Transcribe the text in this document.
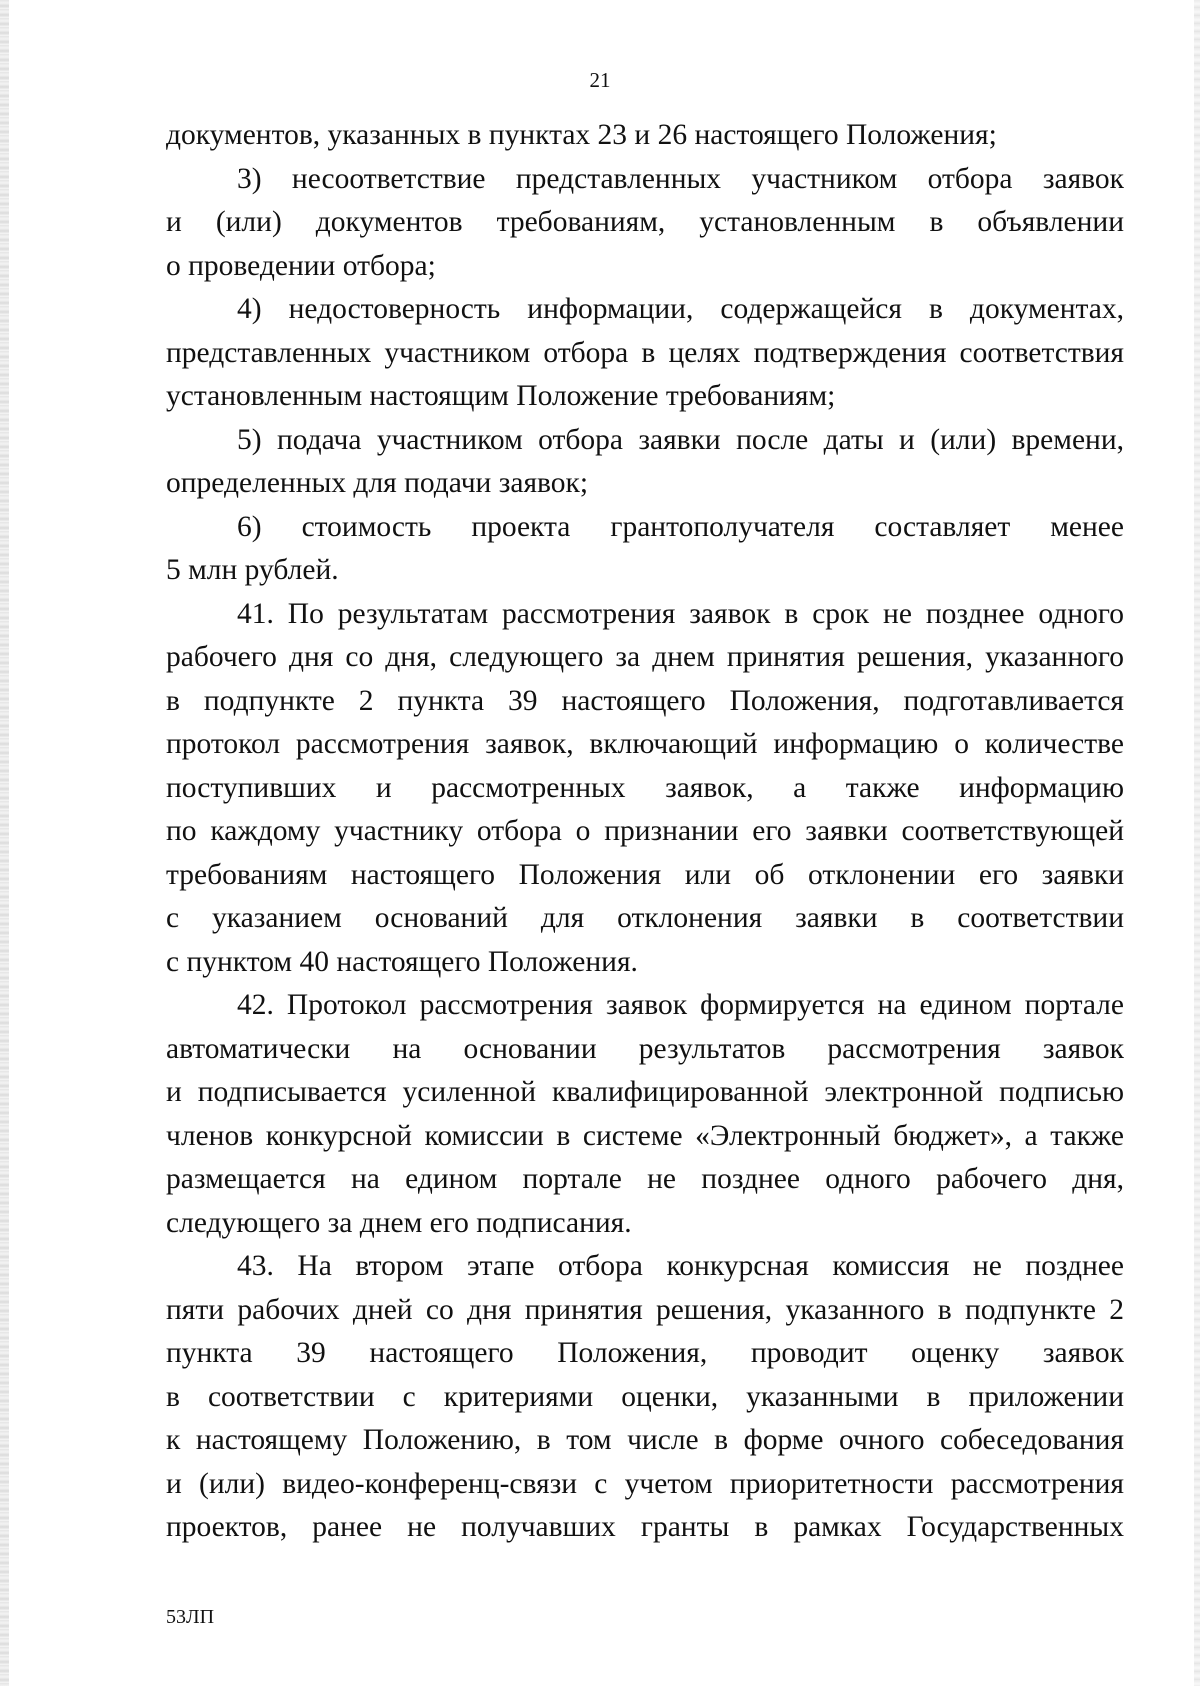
21
документов, указанных в пунктах 23 и 26 настоящего Положения;
3) несоответствие представленных участником отбора заявок
и (или) документов требованиям, установленным в объявлении
о проведении отбора;
4) недостоверность информации, содержащейся в документах,
представленных участником отбора в целях подтверждения соответствия
установленным настоящим Положение требованиям;
5) подача участником отбора заявки после даты и (или) времени,
определенных для подачи заявок;
6) стоимость проекта грантополучателя составляет менее
5 млн рублей.
41. По результатам рассмотрения заявок в срок не позднее одного
рабочего дня со дня, следующего за днем принятия решения, указанного
в подпункте 2 пункта 39 настоящего Положения, подготавливается
протокол рассмотрения заявок, включающий информацию о количестве
поступивших и рассмотренных заявок, а также информацию
по каждому участнику отбора о признании его заявки соответствующей
требованиям настоящего Положения или об отклонении его заявки
с указанием оснований для отклонения заявки в соответствии
с пунктом 40 настоящего Положения.
42. Протокол рассмотрения заявок формируется на едином портале
автоматически на основании результатов рассмотрения заявок
и подписывается усиленной квалифицированной электронной подписью
членов конкурсной комиссии в системе «Электронный бюджет», а также
размещается на едином портале не позднее одного рабочего дня,
следующего за днем его подписания.
43. На втором этапе отбора конкурсная комиссия не позднее
пяти рабочих дней со дня принятия решения, указанного в подпункте 2
пункта 39 настоящего Положения, проводит оценку заявок
в соответствии с критериями оценки, указанными в приложении
к настоящему Положению, в том числе в форме очного собеседования
и (или) видео-конференц-связи с учетом приоритетности рассмотрения
проектов, ранее не получавших гранты в рамках Государственных
53ЛП
